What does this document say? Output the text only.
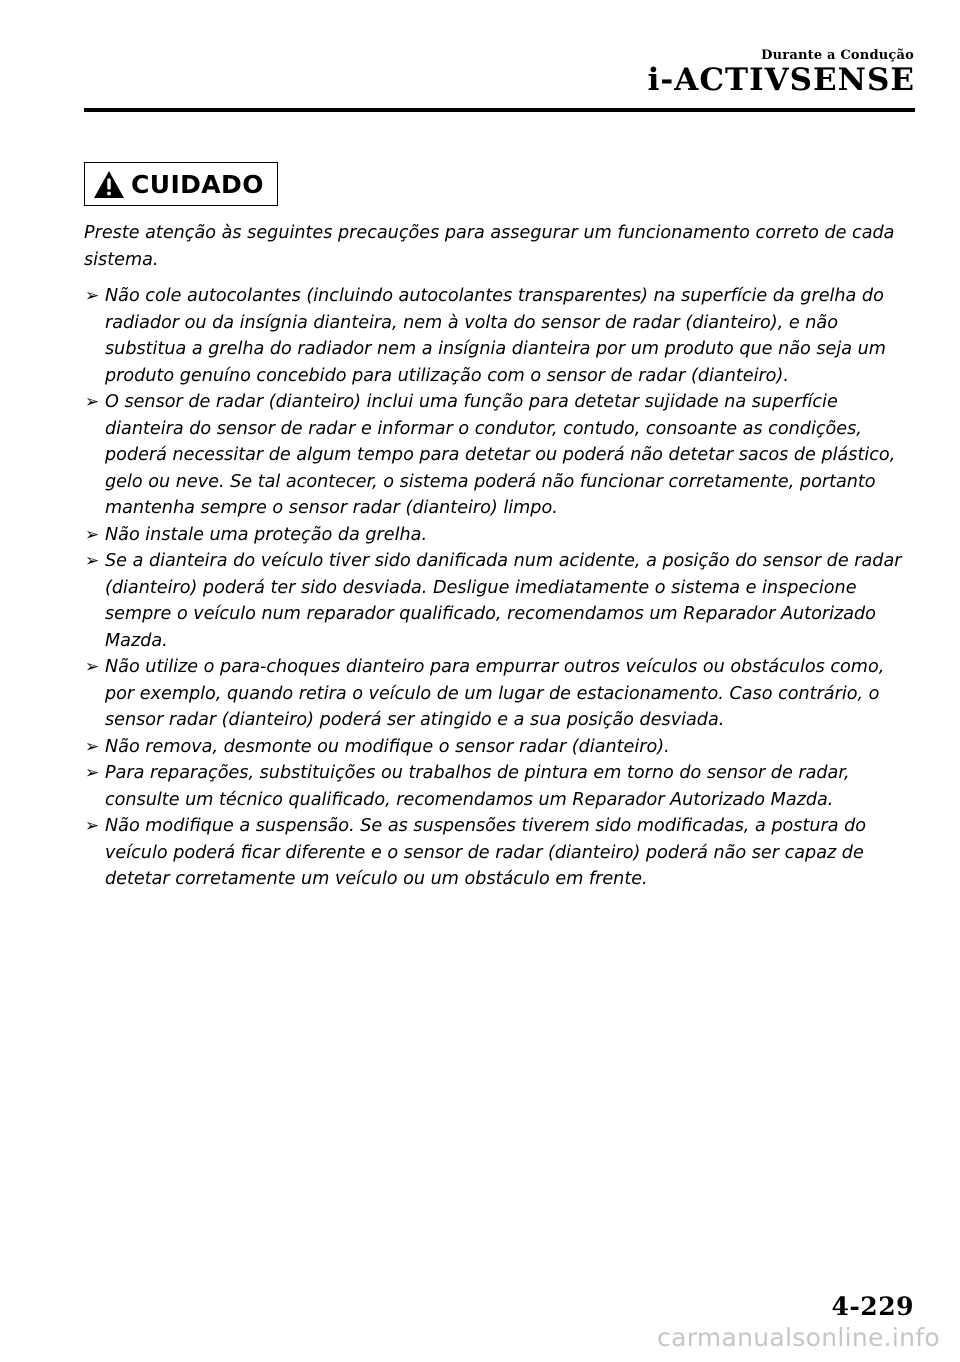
Durante a Condução
i-ACTIVSENSE
CUIDADO

Preste atenção às seguintes precauções para assegurar um funcionamento correto de cada sistema.

➢ Não cole autocolantes (incluindo autocolantes transparentes) na superfície da grelha do radiador ou da insígnia dianteira, nem à volta do sensor de radar (dianteiro), e não substitua a grelha do radiador nem a insígnia dianteira por um produto que não seja um produto genuíno concebido para utilização com o sensor de radar (dianteiro).
➢ O sensor de radar (dianteiro) inclui uma função para detetar sujidade na superfície dianteira do sensor de radar e informar o condutor, contudo, consoante as condições, poderá necessitar de algum tempo para detetar ou poderá não detetar sacos de plástico, gelo ou neve. Se tal acontecer, o sistema poderá não funcionar corretamente, portanto mantenha sempre o sensor radar (dianteiro) limpo.
➢ Não instale uma proteção da grelha.
➢ Se a dianteira do veículo tiver sido danificada num acidente, a posição do sensor de radar (dianteiro) poderá ter sido desviada. Desligue imediatamente o sistema e inspecione sempre o veículo num reparador qualificado, recomendamos um Reparador Autorizado Mazda.
➢ Não utilize o para-choques dianteiro para empurrar outros veículos ou obstáculos como, por exemplo, quando retira o veículo de um lugar de estacionamento. Caso contrário, o sensor radar (dianteiro) poderá ser atingido e a sua posição desviada.
➢ Não remova, desmonte ou modifique o sensor radar (dianteiro).
➢ Para reparações, substituições ou trabalhos de pintura em torno do sensor de radar, consulte um técnico qualificado, recomendamos um Reparador Autorizado Mazda.
➢ Não modifique a suspensão. Se as suspensões tiverem sido modificadas, a postura do veículo poderá ficar diferente e o sensor de radar (dianteiro) poderá não ser capaz de detetar corretamente um veículo ou um obstáculo em frente.
4-229
carmanualsonline.info
